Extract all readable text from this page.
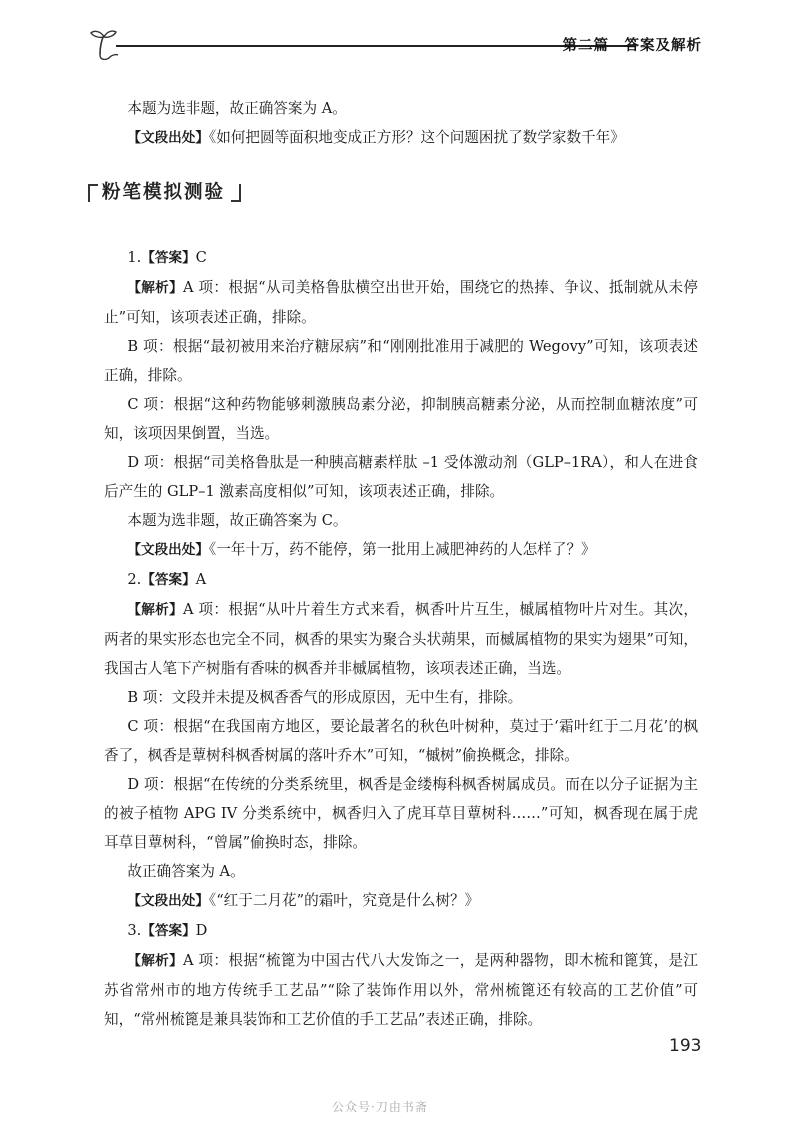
第二篇　答案及解析

本题为选非题，故正确答案为 A。

【文段出处】《如何把圆等面积地变成正方形？这个问题困扰了数学家数千年》

粉笔模拟测验

1.【答案】C

【解析】A 项：根据“从司美格鲁肽横空出世开始，围绕它的热捧、争议、抵制就从未停止”可知，该项表述正确，排除。

B 项：根据“最初被用来治疗糖尿病”和“刚刚批准用于减肥的 Wegovy”可知，该项表述正确，排除。

C 项：根据“这种药物能够刺激胰岛素分泌，抑制胰高糖素分泌，从而控制血糖浓度”可知，该项因果倒置，当选。

D 项：根据“司美格鲁肽是一种胰高糖素样肽 –1 受体激动剂（GLP–1RA），和人在进食后产生的 GLP–1 激素高度相似”可知，该项表述正确，排除。

本题为选非题，故正确答案为 C。

【文段出处】《一年十万，药不能停，第一批用上减肥神药的人怎样了？》

2.【答案】A

【解析】A 项：根据“从叶片着生方式来看，枫香叶片互生，槭属植物叶片对生。其次，两者的果实形态也完全不同，枫香的果实为聚合头状蒴果，而槭属植物的果实为翅果”可知，我国古人笔下产树脂有香味的枫香并非槭属植物，该项表述正确，当选。

B 项：文段并未提及枫香香气的形成原因，无中生有，排除。

C 项：根据“在我国南方地区，要论最著名的秋色叶树种，莫过于‘霜叶红于二月花’的枫香了，枫香是蕈树科枫香树属的落叶乔木”可知，“槭树”偷换概念，排除。

D 项：根据“在传统的分类系统里，枫香是金缕梅科枫香树属成员。而在以分子证据为主的被子植物 APG IV 分类系统中，枫香归入了虎耳草目蕈树科……”可知，枫香现在属于虎耳草目蕈树科，“曾属”偷换时态，排除。

故正确答案为 A。

【文段出处】《“红于二月花”的霜叶，究竟是什么树？》

3.【答案】D

【解析】A 项：根据“梳篦为中国古代八大发饰之一，是两种器物，即木梳和篦箕，是江苏省常州市的地方传统手工艺品”“除了装饰作用以外，常州梳篦还有较高的工艺价值”可知，“常州梳篦是兼具装饰和工艺价值的手工艺品”表述正确，排除。

193
公众号·刀由书斋
